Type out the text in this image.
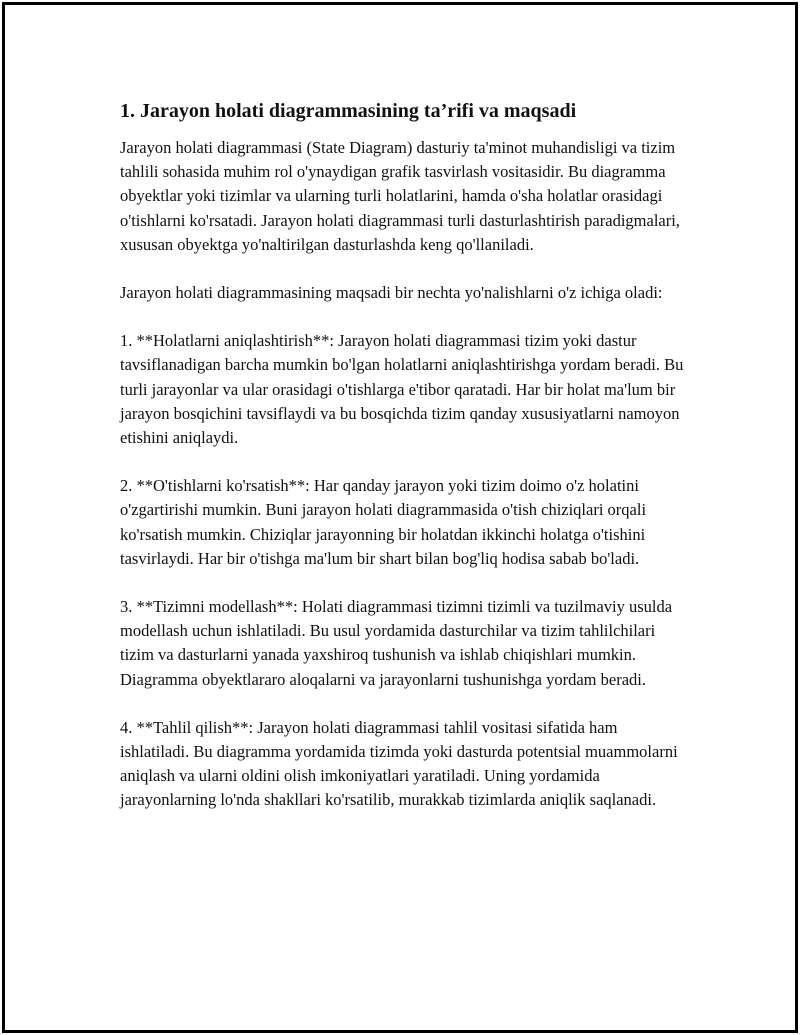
1. Jarayon holati diagrammasining ta’rifi va maqsadi
Jarayon holati diagrammasi (State Diagram) dasturiy ta'minot muhandisligi va tizim tahlili sohasida muhim rol o'ynaydigan grafik tasvirlash vositasidir. Bu diagramma obyektlar yoki tizimlar va ularning turli holatlarini, hamda o'sha holatlar orasidagi o'tishlarni ko'rsatadi. Jarayon holati diagrammasi turli dasturlashtirish paradigmalari, xususan obyektga yo'naltirilgan dasturlashda keng qo'llaniladi.
Jarayon holati diagrammasining maqsadi bir nechta yo'nalishlarni o'z ichiga oladi:
1. **Holatlarni aniqlashtirish**: Jarayon holati diagrammasi tizim yoki dastur tavsiflanadigan barcha mumkin bo'lgan holatlarni aniqlashtirishga yordam beradi. Bu turli jarayonlar va ular orasidagi o'tishlarga e'tibor qaratadi. Har bir holat ma'lum bir jarayon bosqichini tavsiflaydi va bu bosqichda tizim qanday xususiyatlarni namoyon etishini aniqlaydi.
2. **O'tishlarni ko'rsatish**: Har qanday jarayon yoki tizim doimo o'z holatini o'zgartirishi mumkin. Buni jarayon holati diagrammasida o'tish chiziqlari orqali ko'rsatish mumkin. Chiziqlar jarayonning bir holatdan ikkinchi holatga o'tishini tasvirlaydi. Har bir o'tishga ma'lum bir shart bilan bog'liq hodisa sabab bo'ladi.
3. **Tizimni modellash**: Holati diagrammasi tizimni tizimli va tuzilmaviy usulda modellash uchun ishlatiladi. Bu usul yordamida dasturchilar va tizim tahlilchilari tizim va dasturlarni yanada yaxshiroq tushunish va ishlab chiqishlari mumkin. Diagramma obyektlararo aloqalarni va jarayonlarni tushunishga yordam beradi.
4. **Tahlil qilish**: Jarayon holati diagrammasi tahlil vositasi sifatida ham ishlatiladi. Bu diagramma yordamida tizimda yoki dasturda potentsial muammolarni aniqlash va ularni oldini olish imkoniyatlari yaratiladi. Uning yordamida jarayonlarning lo'nda shakllari ko'rsatilib, murakkab tizimlarda aniqlik saqlanadi.
